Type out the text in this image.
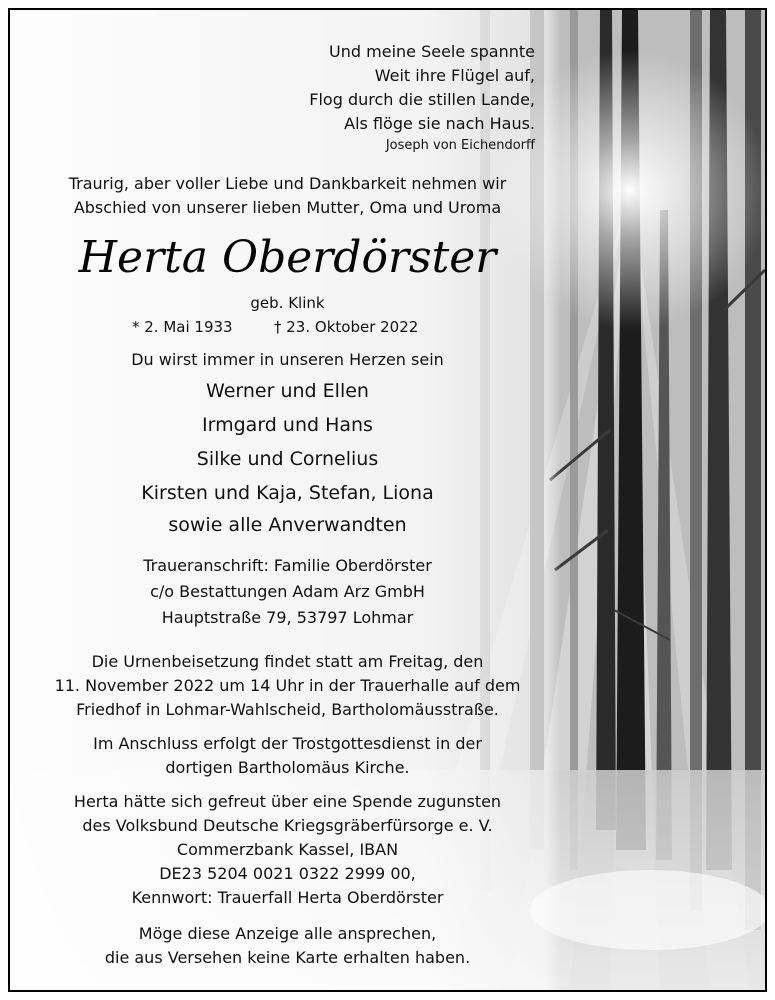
Und meine Seele spannte
Weit ihre Flügel auf,
Flog durch die stillen Lande,
Als flöge sie nach Haus.
Joseph von Eichendorff
Traurig, aber voller Liebe und Dankbarkeit nehmen wir
Abschied von unserer lieben Mutter, Oma und Uroma
Herta Oberdörster
geb. Klink
* 2. Mai 1933	† 23. Oktober 2022
Du wirst immer in unseren Herzen sein
Werner und Ellen
Irmgard und Hans
Silke und Cornelius
Kirsten und Kaja, Stefan, Liona
sowie alle Anverwandten
Traueranschrift: Familie Oberdörster
c/o Bestattungen Adam Arz GmbH
Hauptstraße 79, 53797 Lohmar
Die Urnenbeisetzung findet statt am Freitag, den
11. November 2022 um 14 Uhr in der Trauerhalle auf dem
Friedhof in Lohmar-Wahlscheid, Bartholomäusstraße.
Im Anschluss erfolgt der Trostgottesdienst in der
dortigen Bartholomäus Kirche.
Herta hätte sich gefreut über eine Spende zugunsten
des Volksbund Deutsche Kriegsgräberfürsorge e. V.
Commerzbank Kassel, IBAN
DE23 5204 0021 0322 2999 00,
Kennwort: Trauerfall Herta Oberdörster
Möge diese Anzeige alle ansprechen,
die aus Versehen keine Karte erhalten haben.
